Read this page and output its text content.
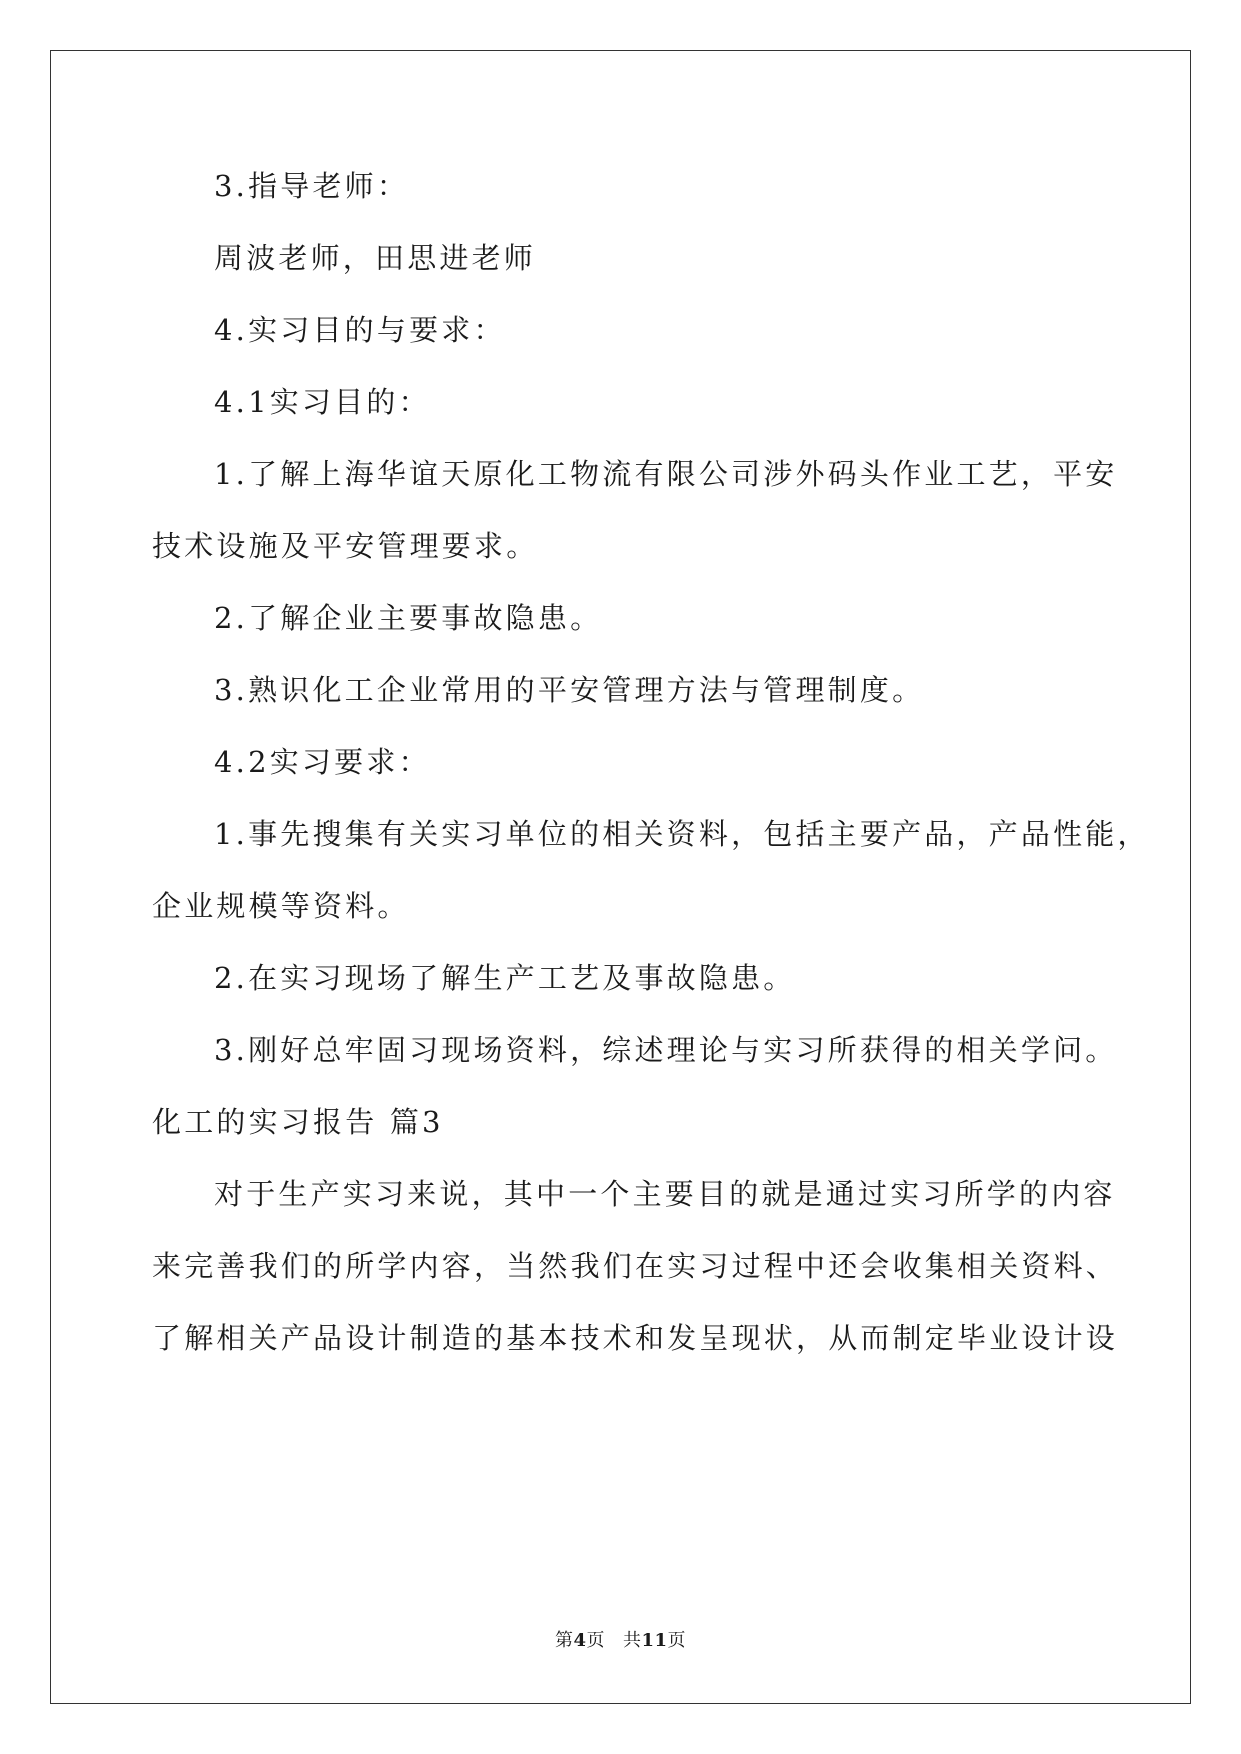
3.指导老师：
周波老师，田思进老师
4.实习目的与要求：
4.1实习目的：
1.了解上海华谊天原化工物流有限公司涉外码头作业工艺，平安
技术设施及平安管理要求。
2.了解企业主要事故隐患。
3.熟识化工企业常用的平安管理方法与管理制度。
4.2实习要求：
1.事先搜集有关实习单位的相关资料，包括主要产品，产品性能，
企业规模等资料。
2.在实习现场了解生产工艺及事故隐患。
3.刚好总牢固习现场资料，综述理论与实习所获得的相关学问。
化工的实习报告 篇3
对于生产实习来说，其中一个主要目的就是通过实习所学的内容
来完善我们的所学内容，当然我们在实习过程中还会收集相关资料、
了解相关产品设计制造的基本技术和发呈现状，从而制定毕业设计设
第4页 共11页
